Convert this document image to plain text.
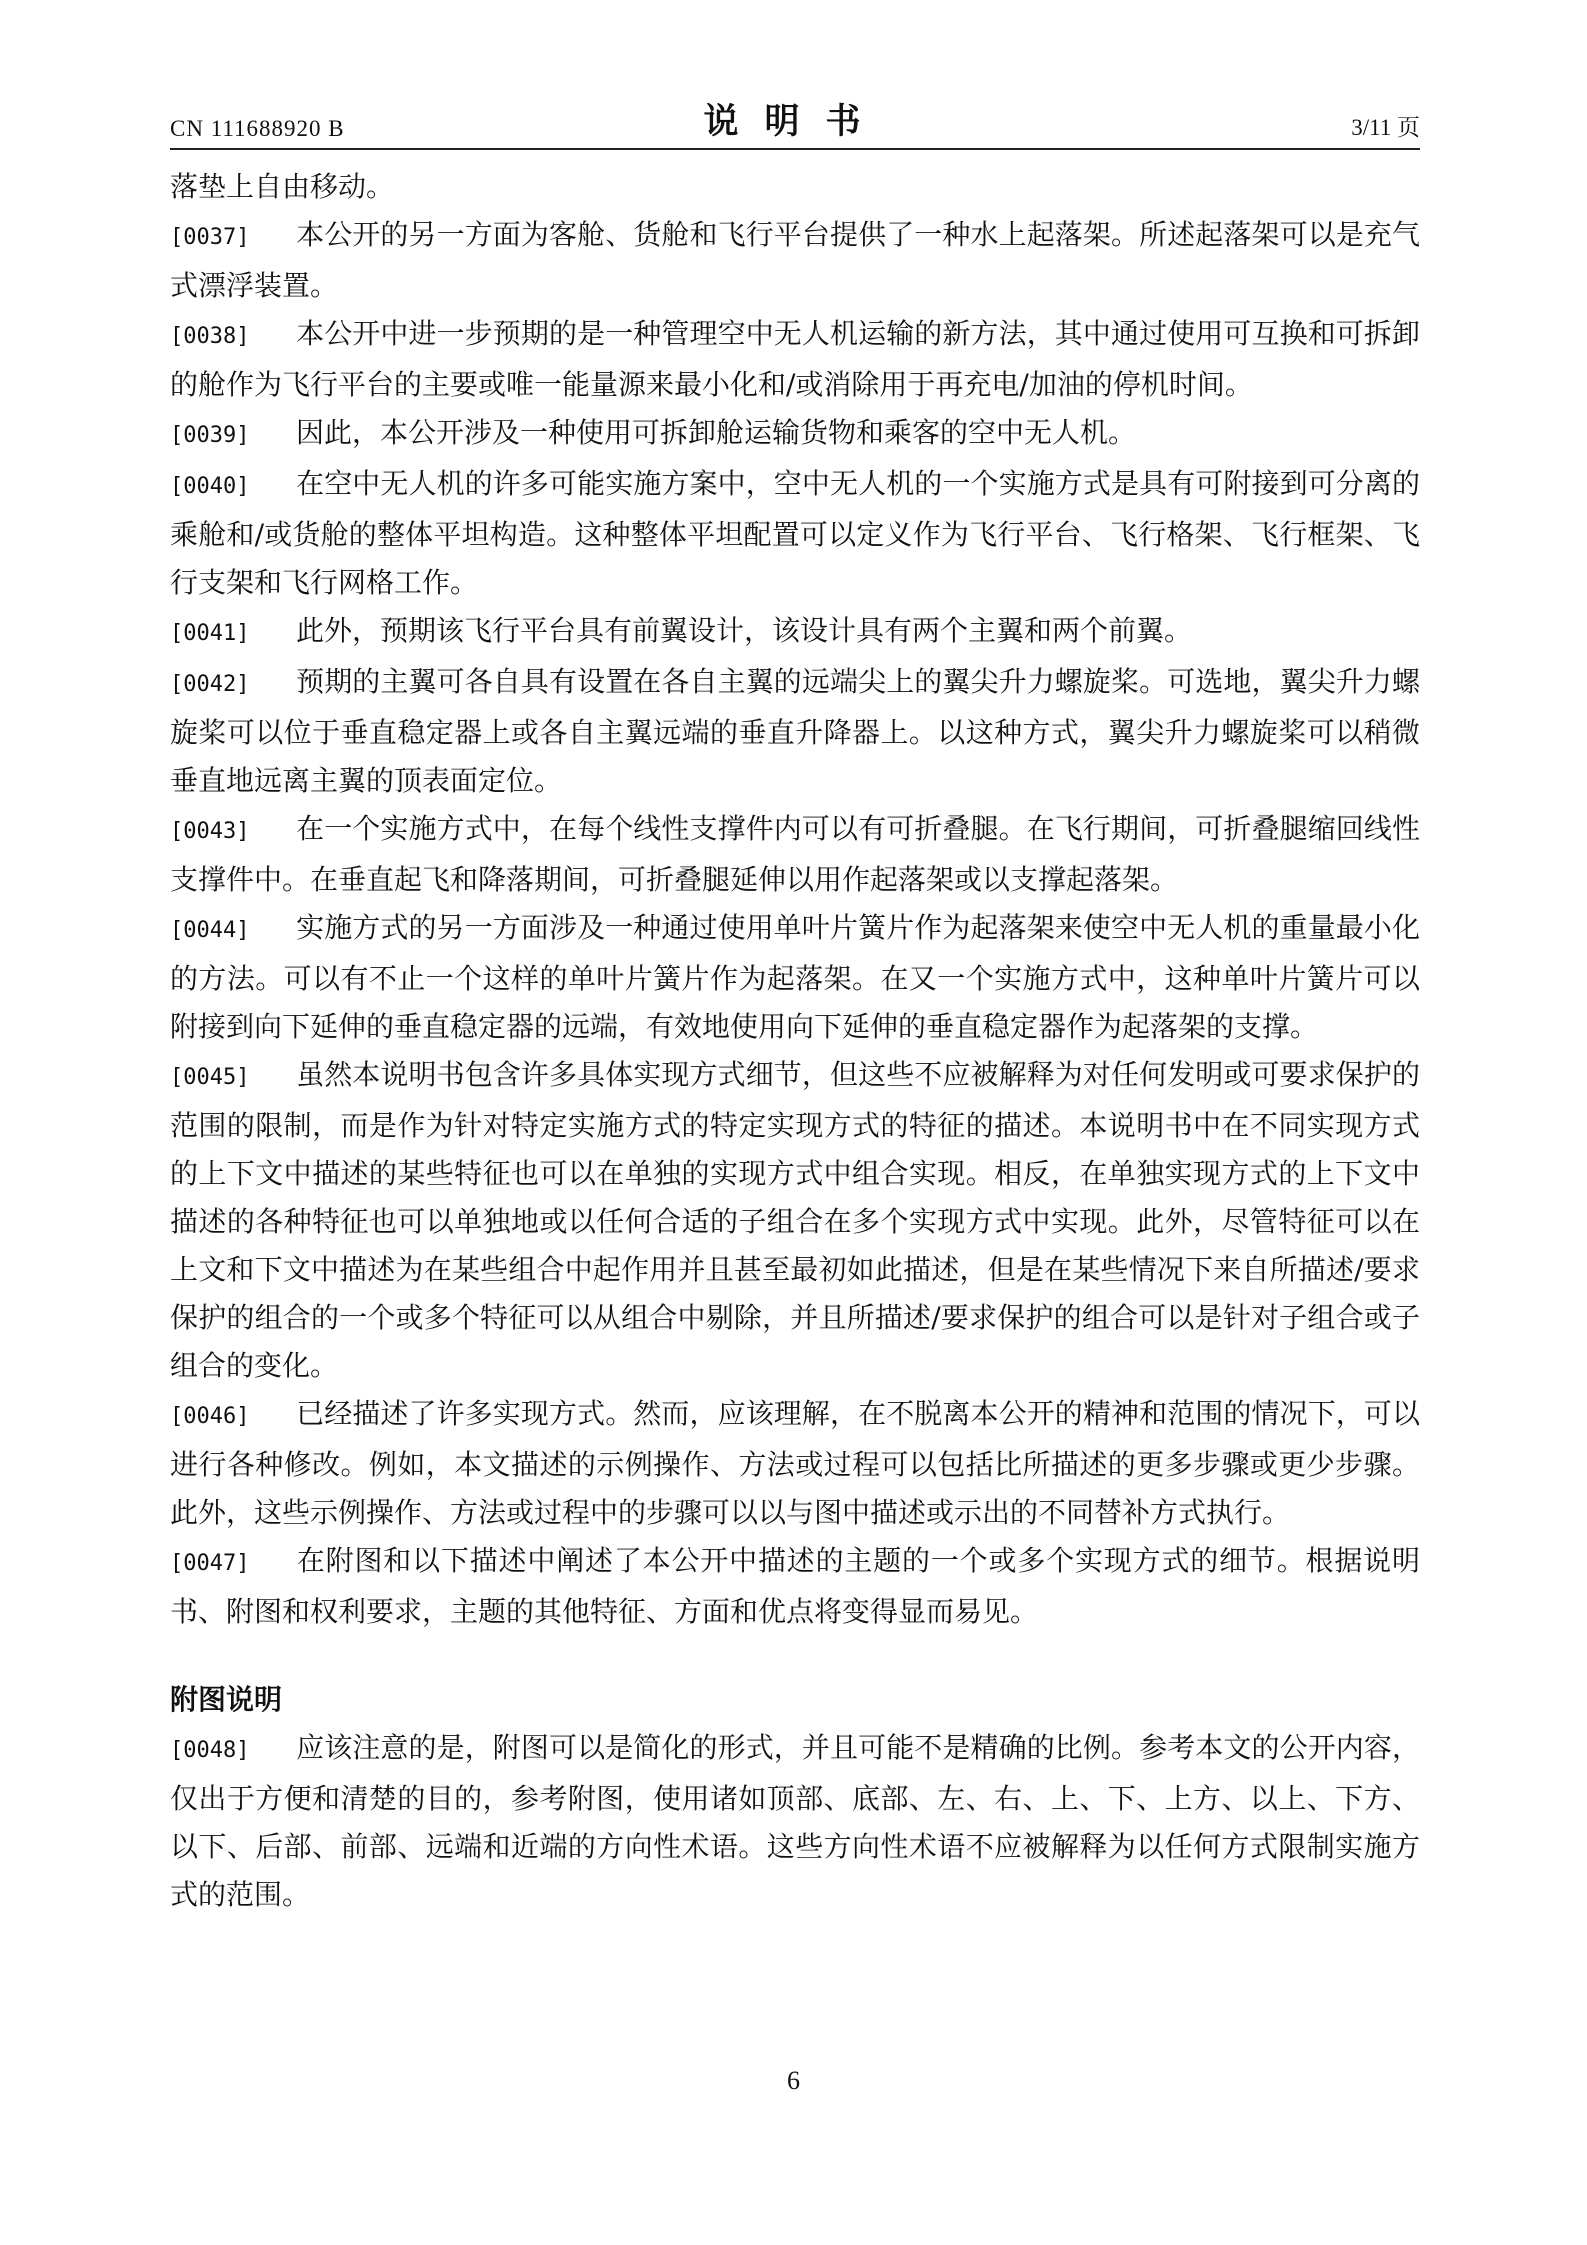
CN 111688920 B	说明书	3/11 页

落垫上自由移动。

[0037] 本公开的另一方面为客舱、货舱和飞行平台提供了一种水上起落架。所述起落架可以是充气式漂浮装置。

[0038] 本公开中进一步预期的是一种管理空中无人机运输的新方法，其中通过使用可互换和可拆卸的舱作为飞行平台的主要或唯一能量源来最小化和/或消除用于再充电/加油的停机时间。

[0039] 因此，本公开涉及一种使用可拆卸舱运输货物和乘客的空中无人机。

[0040] 在空中无人机的许多可能实施方案中，空中无人机的一个实施方式是具有可附接到可分离的乘舱和/或货舱的整体平坦构造。这种整体平坦配置可以定义作为飞行平台、飞行格架、飞行框架、飞行支架和飞行网格工作。

[0041] 此外，预期该飞行平台具有前翼设计，该设计具有两个主翼和两个前翼。

[0042] 预期的主翼可各自具有设置在各自主翼的远端尖上的翼尖升力螺旋桨。可选地，翼尖升力螺旋桨可以位于垂直稳定器上或各自主翼远端的垂直升降器上。以这种方式，翼尖升力螺旋桨可以稍微垂直地远离主翼的顶表面定位。

[0043] 在一个实施方式中，在每个线性支撑件内可以有可折叠腿。在飞行期间，可折叠腿缩回线性支撑件中。在垂直起飞和降落期间，可折叠腿延伸以用作起落架或以支撑起落架。

[0044] 实施方式的另一方面涉及一种通过使用单叶片簧片作为起落架来使空中无人机的重量最小化的方法。可以有不止一个这样的单叶片簧片作为起落架。在又一个实施方式中，这种单叶片簧片可以附接到向下延伸的垂直稳定器的远端，有效地使用向下延伸的垂直稳定器作为起落架的支撑。

[0045] 虽然本说明书包含许多具体实现方式细节，但这些不应被解释为对任何发明或可要求保护的范围的限制，而是作为针对特定实施方式的特定实现方式的特征的描述。本说明书中在不同实现方式的上下文中描述的某些特征也可以在单独的实现方式中组合实现。相反，在单独实现方式的上下文中描述的各种特征也可以单独地或以任何合适的子组合在多个实现方式中实现。此外，尽管特征可以在上文和下文中描述为在某些组合中起作用并且甚至最初如此描述，但是在某些情况下来自所描述/要求保护的组合的一个或多个特征可以从组合中剔除，并且所描述/要求保护的组合可以是针对子组合或子组合的变化。

[0046] 已经描述了许多实现方式。然而，应该理解，在不脱离本公开的精神和范围的情况下，可以进行各种修改。例如，本文描述的示例操作、方法或过程可以包括比所描述的更多步骤或更少步骤。此外，这些示例操作、方法或过程中的步骤可以以与图中描述或示出的不同替补方式执行。

[0047] 在附图和以下描述中阐述了本公开中描述的主题的一个或多个实现方式的细节。根据说明书、附图和权利要求，主题的其他特征、方面和优点将变得显而易见。

附图说明

[0048] 应该注意的是，附图可以是简化的形式，并且可能不是精确的比例。参考本文的公开内容，仅出于方便和清楚的目的，参考附图，使用诸如顶部、底部、左、右、上、下、上方、以上、下方、以下、后部、前部、远端和近端的方向性术语。这些方向性术语不应被解释为以任何方式限制实施方式的范围。

6
